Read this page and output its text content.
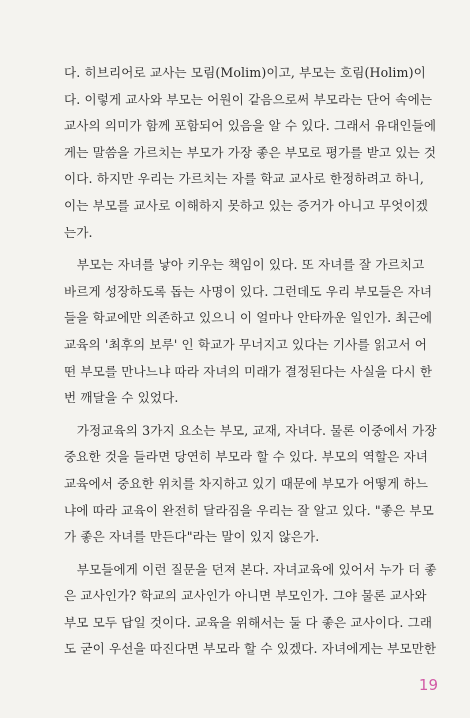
다. 히브리어로 교사는 모림(Molim)이고, 부모는 호림(Holim)이
다. 이렇게 교사와 부모는 어원이 같음으로써 부모라는 단어 속에는
교사의 의미가 함께 포함되어 있음을 알 수 있다. 그래서 유대인들에
게는 말씀을 가르치는 부모가 가장 좋은 부모로 평가를 받고 있는 것
이다. 하지만 우리는 가르치는 자를 학교 교사로 한정하려고 하니,
이는 부모를 교사로 이해하지 못하고 있는 증거가 아니고 무엇이겠
는가.
　부모는 자녀를 낳아 키우는 책임이 있다. 또 자녀를 잘 가르치고
바르게 성장하도록 돕는 사명이 있다. 그런데도 우리 부모들은 자녀
들을 학교에만 의존하고 있으니 이 얼마나 안타까운 일인가. 최근에
교육의 '최후의 보루' 인 학교가 무너지고 있다는 기사를 읽고서 어
떤 부모를 만나느냐 따라 자녀의 미래가 결정된다는 사실을 다시 한
번 깨달을 수 있었다.
　가정교육의 3가지 요소는 부모, 교재, 자녀다. 물론 이중에서 가장
중요한 것을 들라면 당연히 부모라 할 수 있다. 부모의 역할은 자녀
교육에서 중요한 위치를 차지하고 있기 때문에 부모가 어떻게 하느
냐에 따라 교육이 완전히 달라짐을 우리는 잘 알고 있다. "좋은 부모
가 좋은 자녀를 만든다"라는 말이 있지 않은가.
　부모들에게 이런 질문을 던져 본다. 자녀교육에 있어서 누가 더 좋
은 교사인가? 학교의 교사인가 아니면 부모인가. 그야 물론 교사와
부모 모두 답일 것이다. 교육을 위해서는 둘 다 좋은 교사이다. 그래
도 굳이 우선을 따진다면 부모라 할 수 있겠다. 자녀에게는 부모만한
19
